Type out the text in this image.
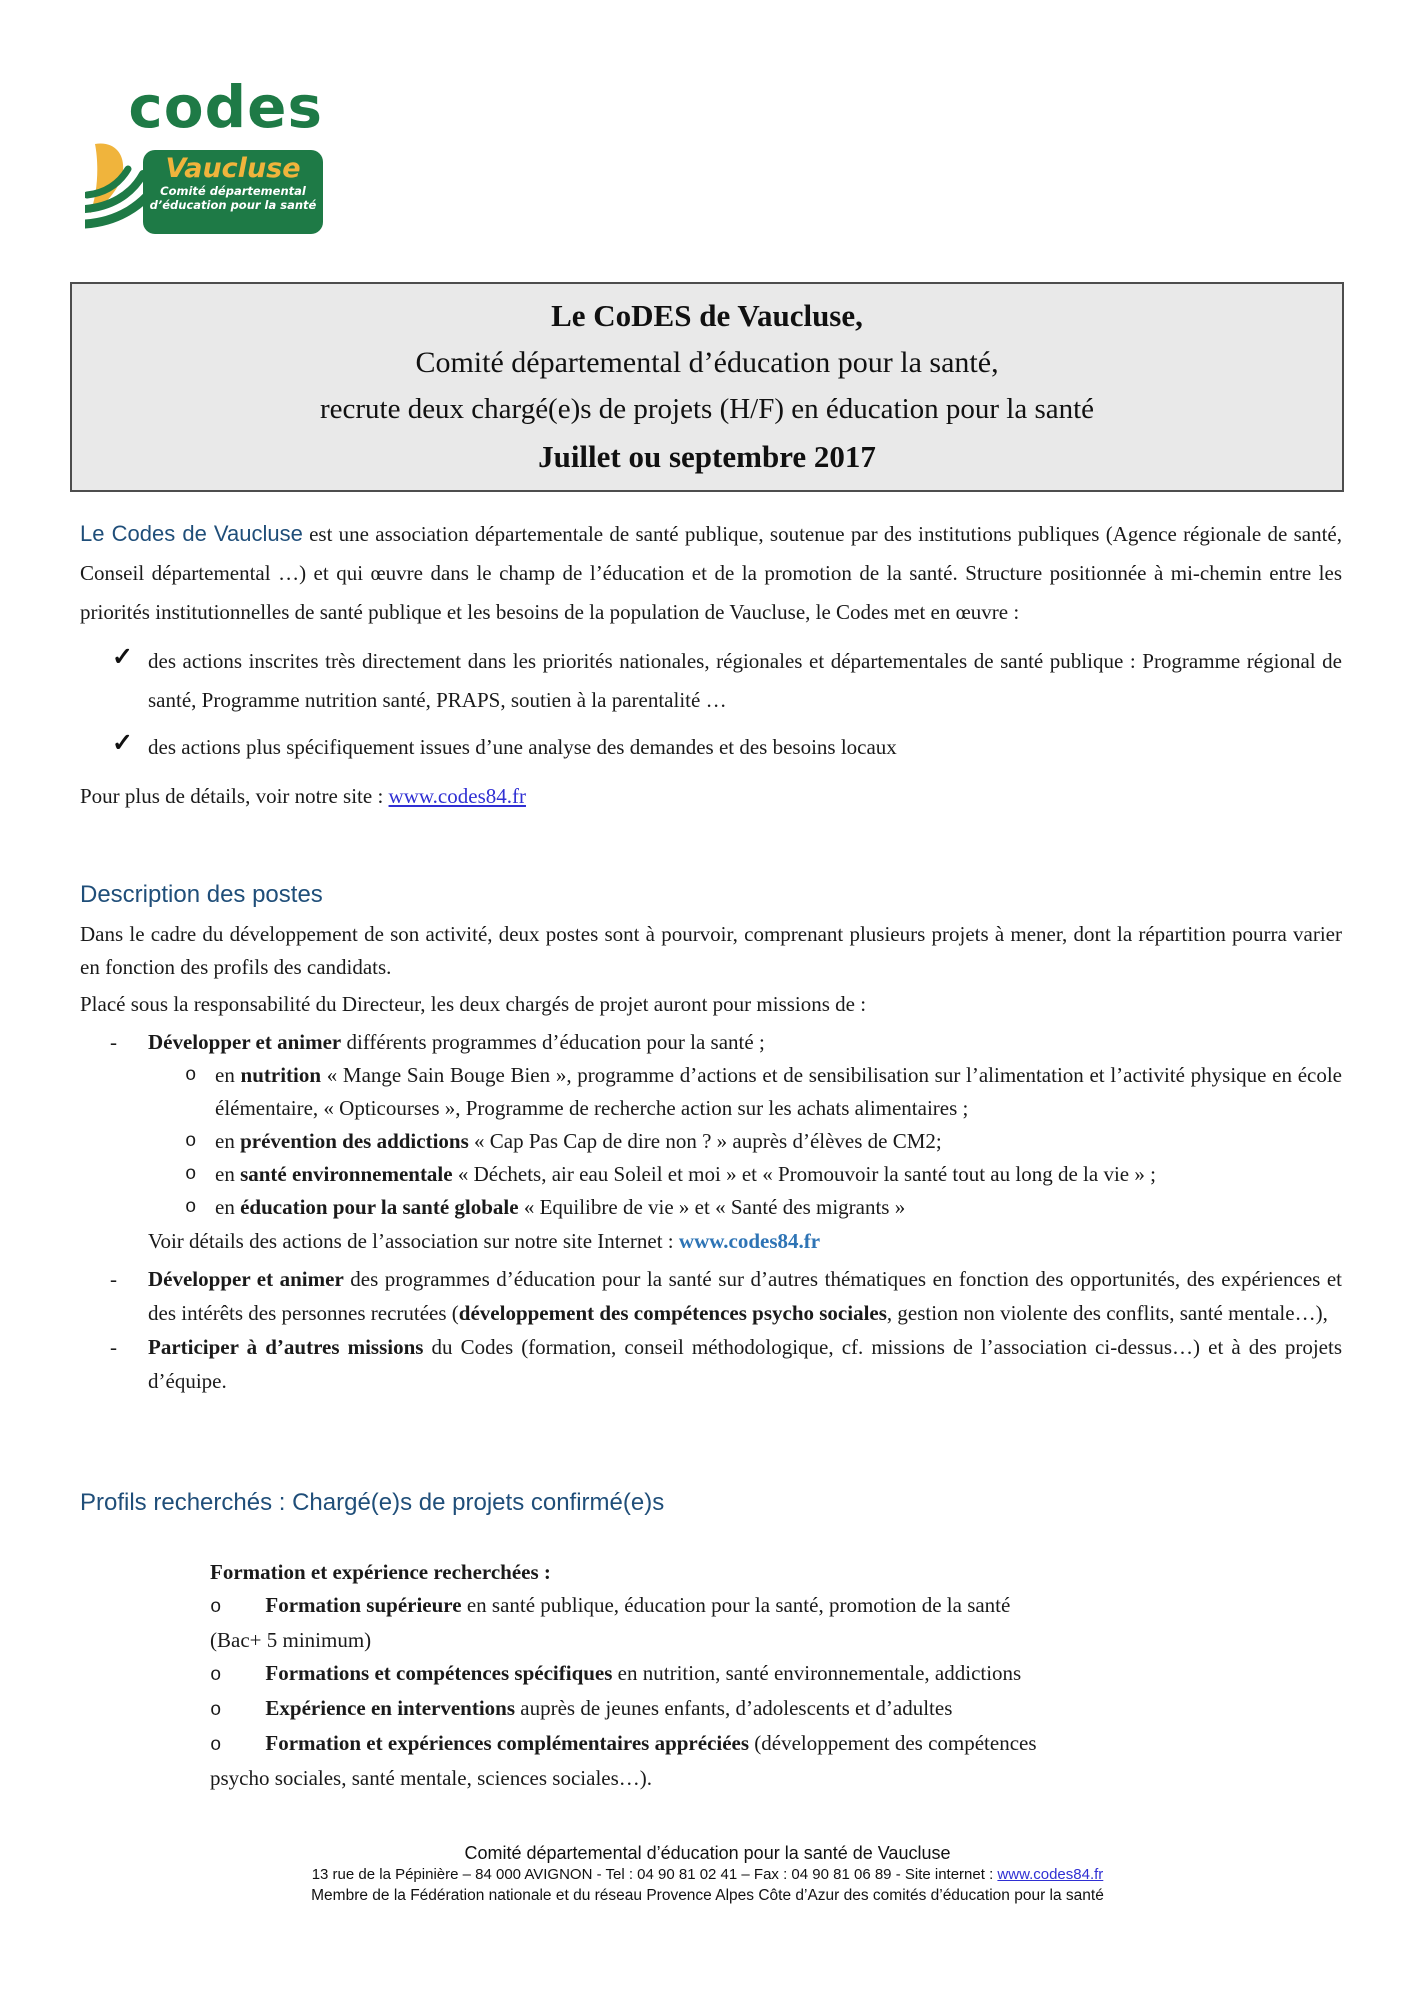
codes
Vaucluse
Comité départemental
d’éducation pour la santé
Le CoDES de Vaucluse,
Comité départemental d’éducation pour la santé,
recrute deux chargé(e)s de projets (H/F) en éducation pour la santé
Juillet ou septembre 2017

Le Codes de Vaucluse est une association départementale de santé publique, soutenue par des institutions publiques (Agence régionale de santé, Conseil départemental …) et qui œuvre dans le champ de l’éducation et de la promotion de la santé. Structure positionnée à mi-chemin entre les priorités institutionnelles de santé publique et les besoins de la population de Vaucluse, le Codes met en œuvre :

✓ des actions inscrites très directement dans les priorités nationales, régionales et départementales de santé publique : Programme régional de santé, Programme nutrition santé, PRAPS, soutien à la parentalité …
✓ des actions plus spécifiquement issues d’une analyse des demandes et des besoins locaux

Pour plus de détails, voir notre site : www.codes84.fr

Description des postes

Dans le cadre du développement de son activité, deux postes sont à pourvoir, comprenant plusieurs projets à mener, dont la répartition pourra varier en fonction des profils des candidats.

Placé sous la responsabilité du Directeur, les deux chargés de projet auront pour missions de :

- Développer et animer différents programmes d’éducation pour la santé ;
o en nutrition « Mange Sain Bouge Bien », programme d’actions et de sensibilisation sur l’alimentation et l’activité physique en école élémentaire, « Opticourses », Programme de recherche action sur les achats alimentaires ;
o en prévention des addictions « Cap Pas Cap de dire non ? » auprès d’élèves de CM2;
o en santé environnementale « Déchets, air eau Soleil et moi » et « Promouvoir la santé tout au long de la vie » ;
o en éducation pour la santé globale « Equilibre de vie » et « Santé des migrants »

Voir détails des actions de l’association sur notre site Internet : www.codes84.fr

- Développer et animer des programmes d’éducation pour la santé sur d’autres thématiques en fonction des opportunités, des expériences et des intérêts des personnes recrutées (développement des compétences psycho sociales, gestion non violente des conflits, santé mentale…),
- Participer à d’autres missions du Codes (formation, conseil méthodologique, cf. missions de l’association ci-dessus…) et à des projets d’équipe.
Profils recherchés : Chargé(e)s de projets confirmé(e)s

Formation et expérience recherchées :

o Formation supérieure en santé publique, éducation pour la santé, promotion de la santé (Bac+ 5 minimum)

o Formations et compétences spécifiques en nutrition, santé environnementale, addictions

o Expérience en interventions auprès de jeunes enfants, d’adolescents et d’adultes

o Formation et expériences complémentaires appréciées (développement des compétences psycho sociales, santé mentale, sciences sociales…).

Comité départemental d’éducation pour la santé de Vaucluse
13 rue de la Pépinière – 84 000 AVIGNON - Tel : 04 90 81 02 41 – Fax : 04 90 81 06 89 - Site internet : www.codes84.fr
Membre de la Fédération nationale et du réseau Provence Alpes Côte d’Azur des comités d’éducation pour la santé
